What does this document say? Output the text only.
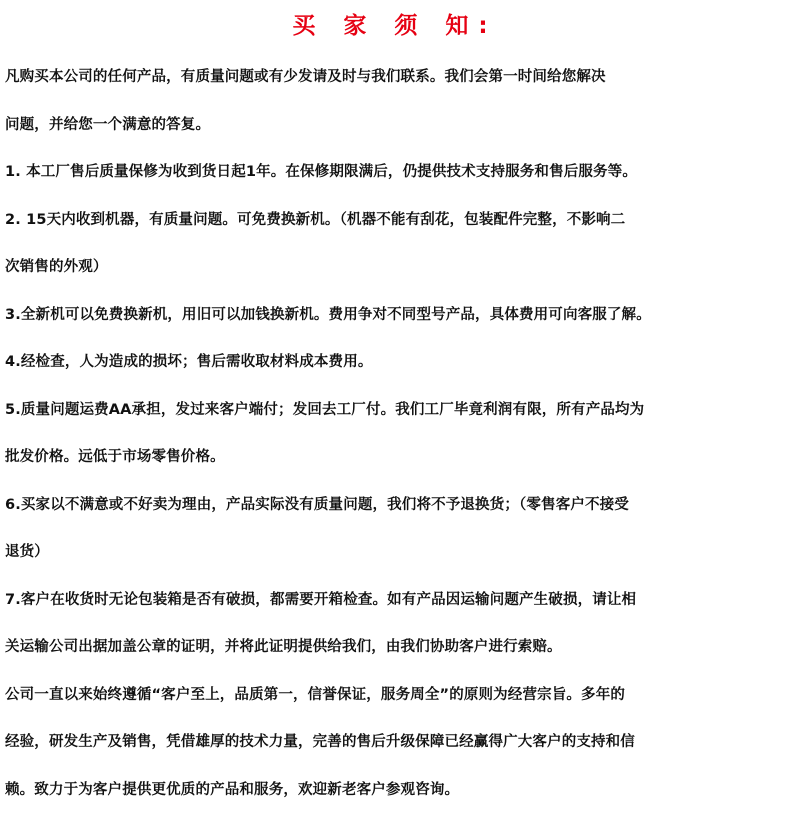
买 家 须 知:
凡购买本公司的任何产品，有质量问题或有少发请及时与我们联系。我们会第一时间给您解决
问题，并给您一个满意的答复。
1. 本工厂售后质量保修为收到货日起1年。在保修期限满后，仍提供技术支持服务和售后服务等。
2. 15天内收到机器，有质量问题。可免费换新机。（机器不能有刮花，包装配件完整，不影响二
次销售的外观）
3.全新机可以免费换新机，用旧可以加钱换新机。费用争对不同型号产品，具体费用可向客服了解。
4.经检查，人为造成的损坏；售后需收取材料成本费用。
5.质量问题运费AA承担，发过来客户端付；发回去工厂付。我们工厂毕竟利润有限，所有产品均为
批发价格。远低于市场零售价格。
6.买家以不满意或不好卖为理由，产品实际没有质量问题，我们将不予退换货；（零售客户不接受
退货）
7.客户在收货时无论包装箱是否有破损，都需要开箱检查。如有产品因运输问题产生破损，请让相
关运输公司出据加盖公章的证明，并将此证明提供给我们，由我们协助客户进行索赔。
公司一直以来始终遵循“客户至上，品质第一，信誉保证，服务周全”的原则为经营宗旨。多年的
经验，研发生产及销售，凭借雄厚的技术力量，完善的售后升级保障已经赢得广大客户的支持和信
赖。致力于为客户提供更优质的产品和服务，欢迎新老客户参观咨询。
